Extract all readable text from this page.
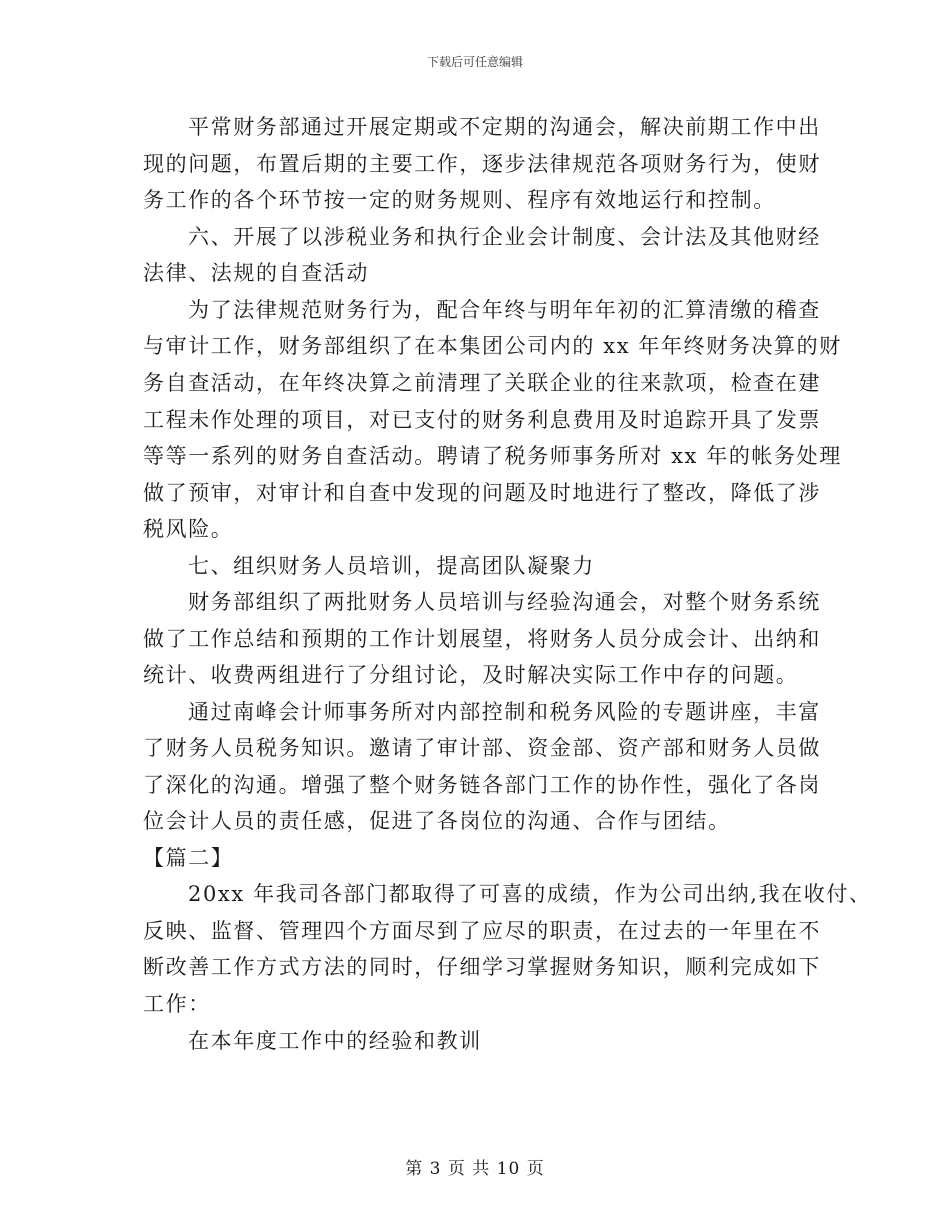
下载后可任意编辑
平常财务部通过开展定期或不定期的沟通会，解决前期工作中出
现的问题，布置后期的主要工作，逐步法律规范各项财务行为，使财
务工作的各个环节按一定的财务规则、程序有效地运行和控制。
六、开展了以涉税业务和执行企业会计制度、会计法及其他财经
法律、法规的自查活动
为了法律规范财务行为，配合年终与明年年初的汇算清缴的稽查
与审计工作，财务部组织了在本集团公司内的 xx 年年终财务决算的财
务自查活动，在年终决算之前清理了关联企业的往来款项，检查在建
工程未作处理的项目，对已支付的财务利息费用及时追踪开具了发票
等等一系列的财务自查活动。聘请了税务师事务所对 xx 年的帐务处理
做了预审，对审计和自查中发现的问题及时地进行了整改，降低了涉
税风险。
七、组织财务人员培训，提高团队凝聚力
财务部组织了两批财务人员培训与经验沟通会，对整个财务系统
做了工作总结和预期的工作计划展望，将财务人员分成会计、出纳和
统计、收费两组进行了分组讨论，及时解决实际工作中存的问题。
通过南峰会计师事务所对内部控制和税务风险的专题讲座，丰富
了财务人员税务知识。邀请了审计部、资金部、资产部和财务人员做
了深化的沟通。增强了整个财务链各部门工作的协作性，强化了各岗
位会计人员的责任感，促进了各岗位的沟通、合作与团结。
【篇二】
20xx 年我司各部门都取得了可喜的成绩，作为公司出纳,我在收付、
反映、监督、管理四个方面尽到了应尽的职责，在过去的一年里在不
断改善工作方式方法的同时，仔细学习掌握财务知识，顺利完成如下
工作：
在本年度工作中的经验和教训
第 3 页 共 10 页
